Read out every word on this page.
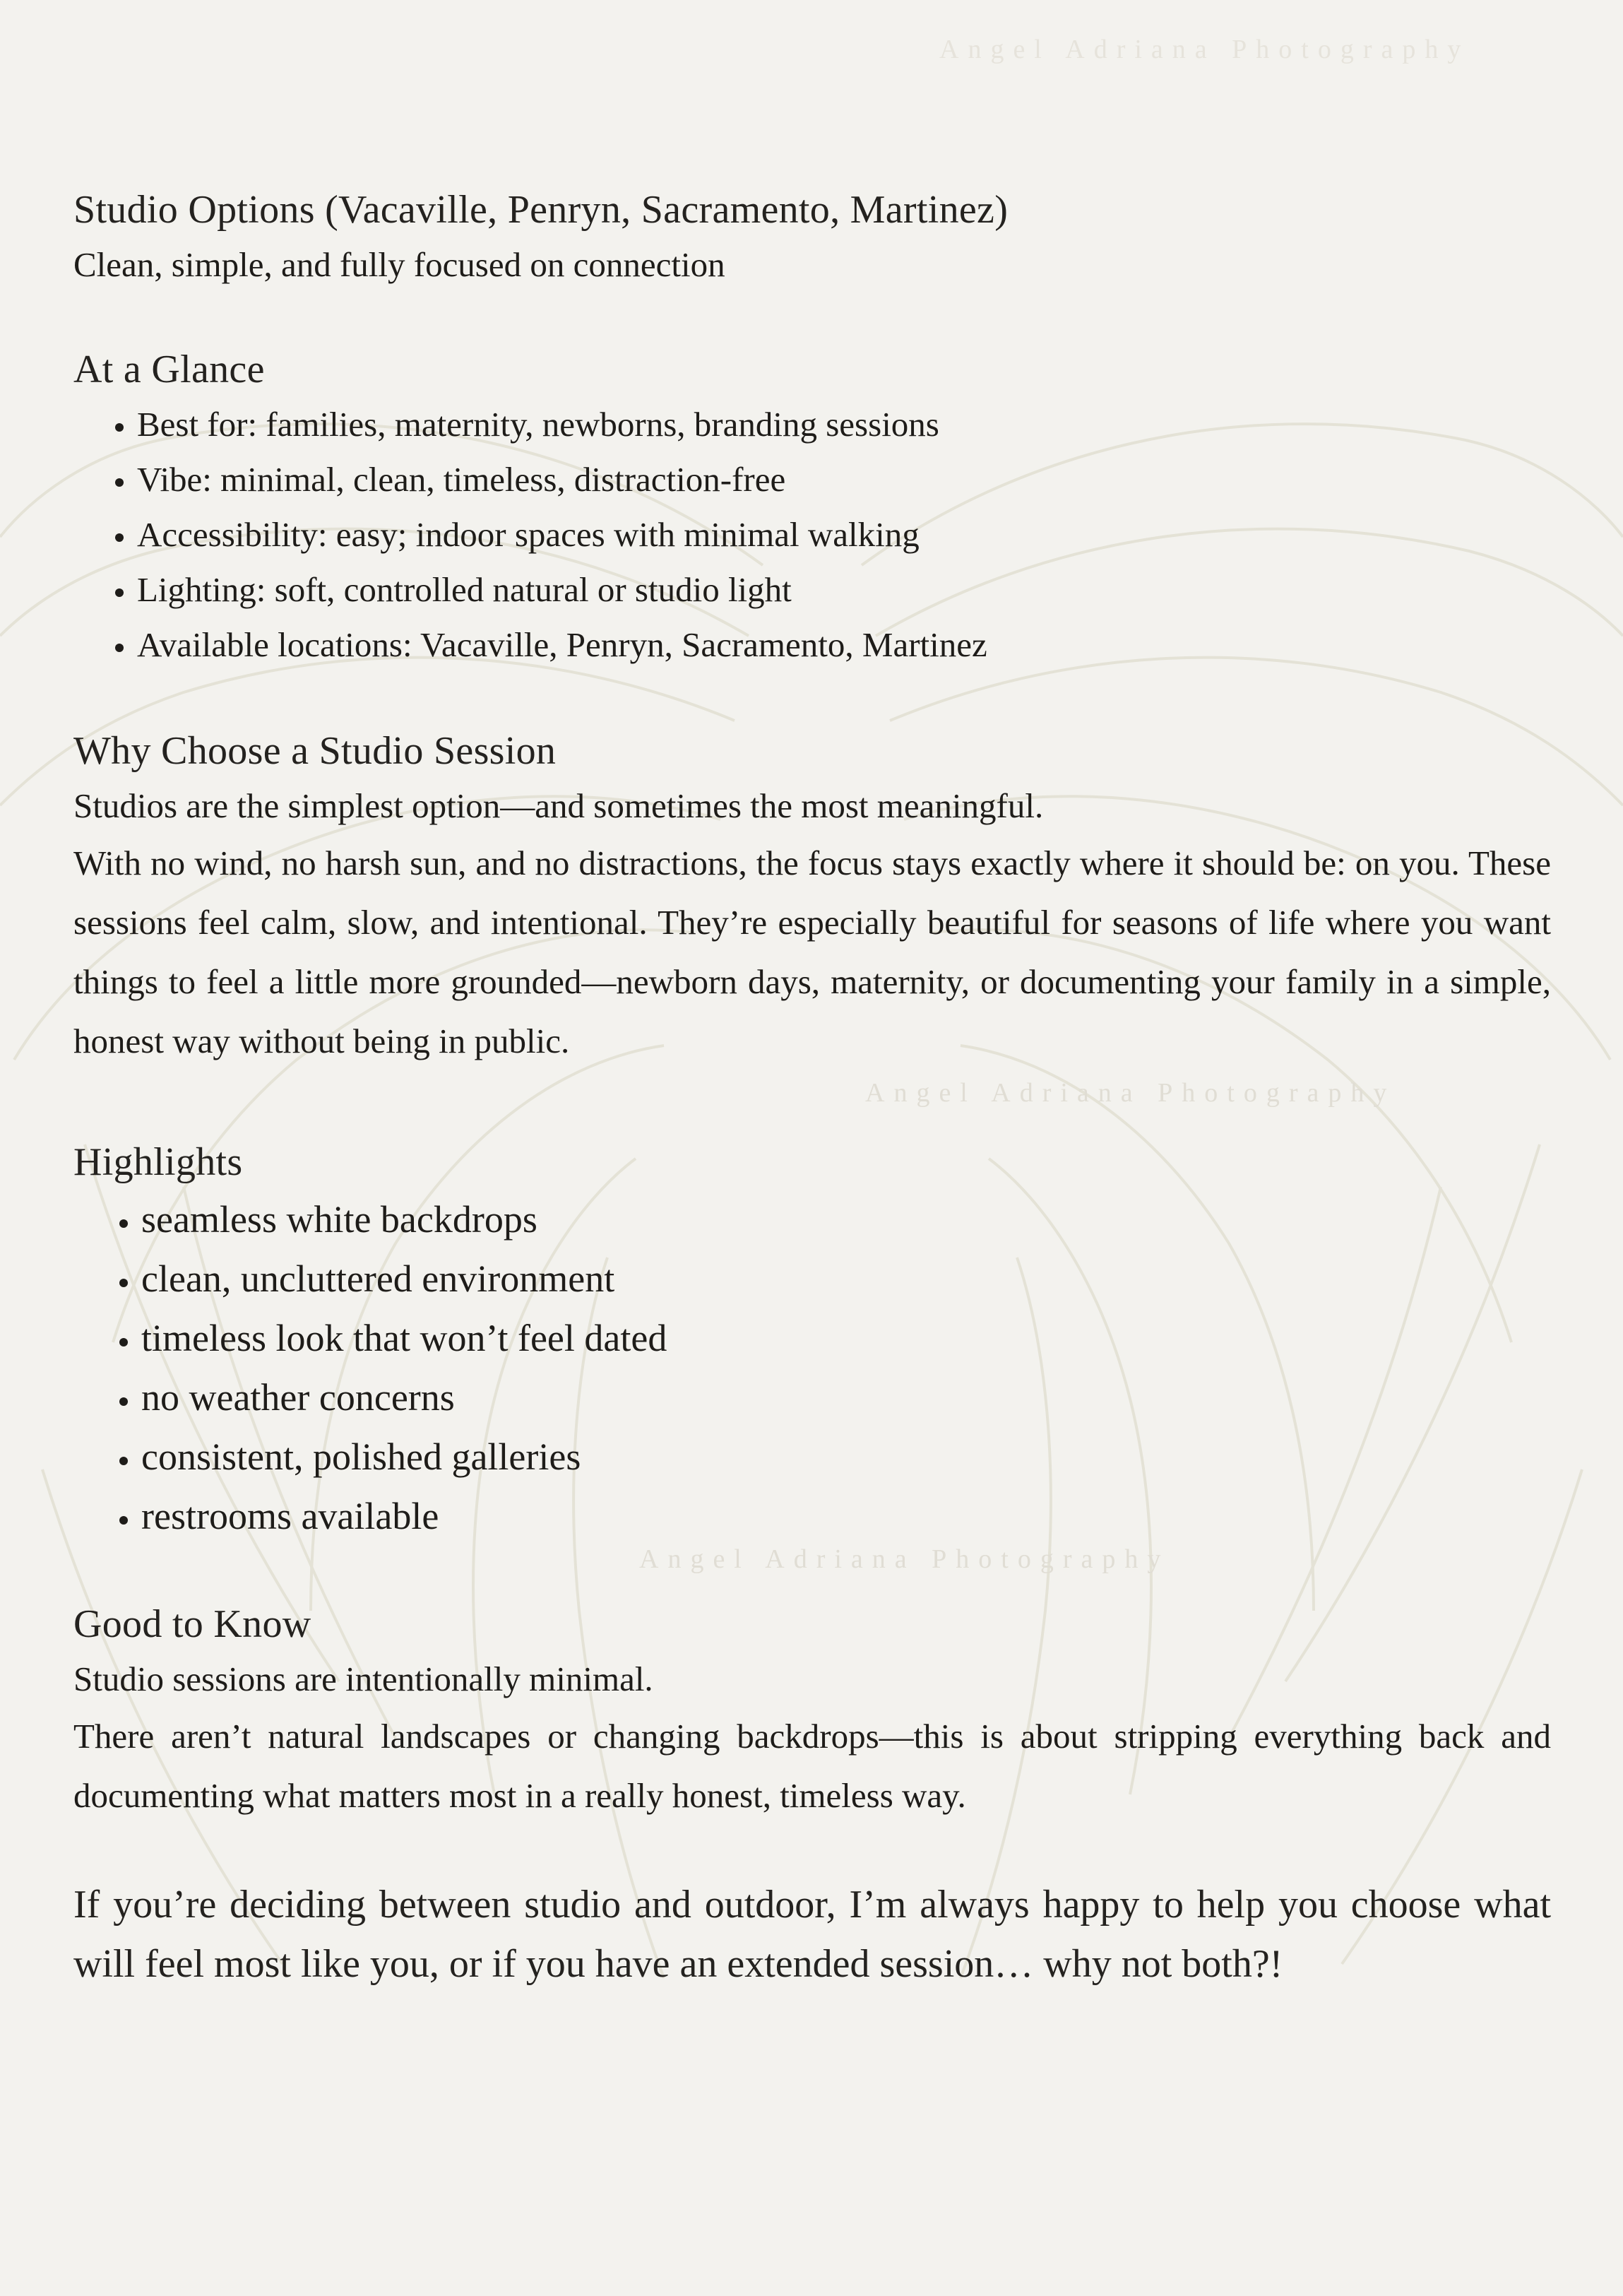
Angel Adriana Photography
Angel Adriana Photography
Angel Adriana Photography
Studio Options (Vacaville, Penryn, Sacramento, Martinez)

Clean, simple, and fully focused on connection

At a Glance
• Best for: families, maternity, newborns, branding sessions
• Vibe: minimal, clean, timeless, distraction-free
• Accessibility: easy; indoor spaces with minimal walking
• Lighting: soft, controlled natural or studio light
• Available locations: Vacaville, Penryn, Sacramento, Martinez
Why Choose a Studio Session

Studios are the simplest option—and sometimes the most meaningful.

With no wind, no harsh sun, and no distractions, the focus stays exactly where it should be: on you. These sessions feel calm, slow, and intentional. They’re especially beautiful for seasons of life where you want things to feel a little more grounded—newborn days, maternity, or documenting your family in a simple, honest way without being in public.

Highlights
• seamless white backdrops
• clean, uncluttered environment
• timeless look that won’t feel dated
• no weather concerns
• consistent, polished galleries
• restrooms available
Good to Know

Studio sessions are intentionally minimal.

There aren’t natural landscapes or changing backdrops—this is about stripping everything back and documenting what matters most in a really honest, timeless way.

If you’re deciding between studio and outdoor, I’m always happy to help you choose what will feel most like you, or if you have an extended session… why not both?!
